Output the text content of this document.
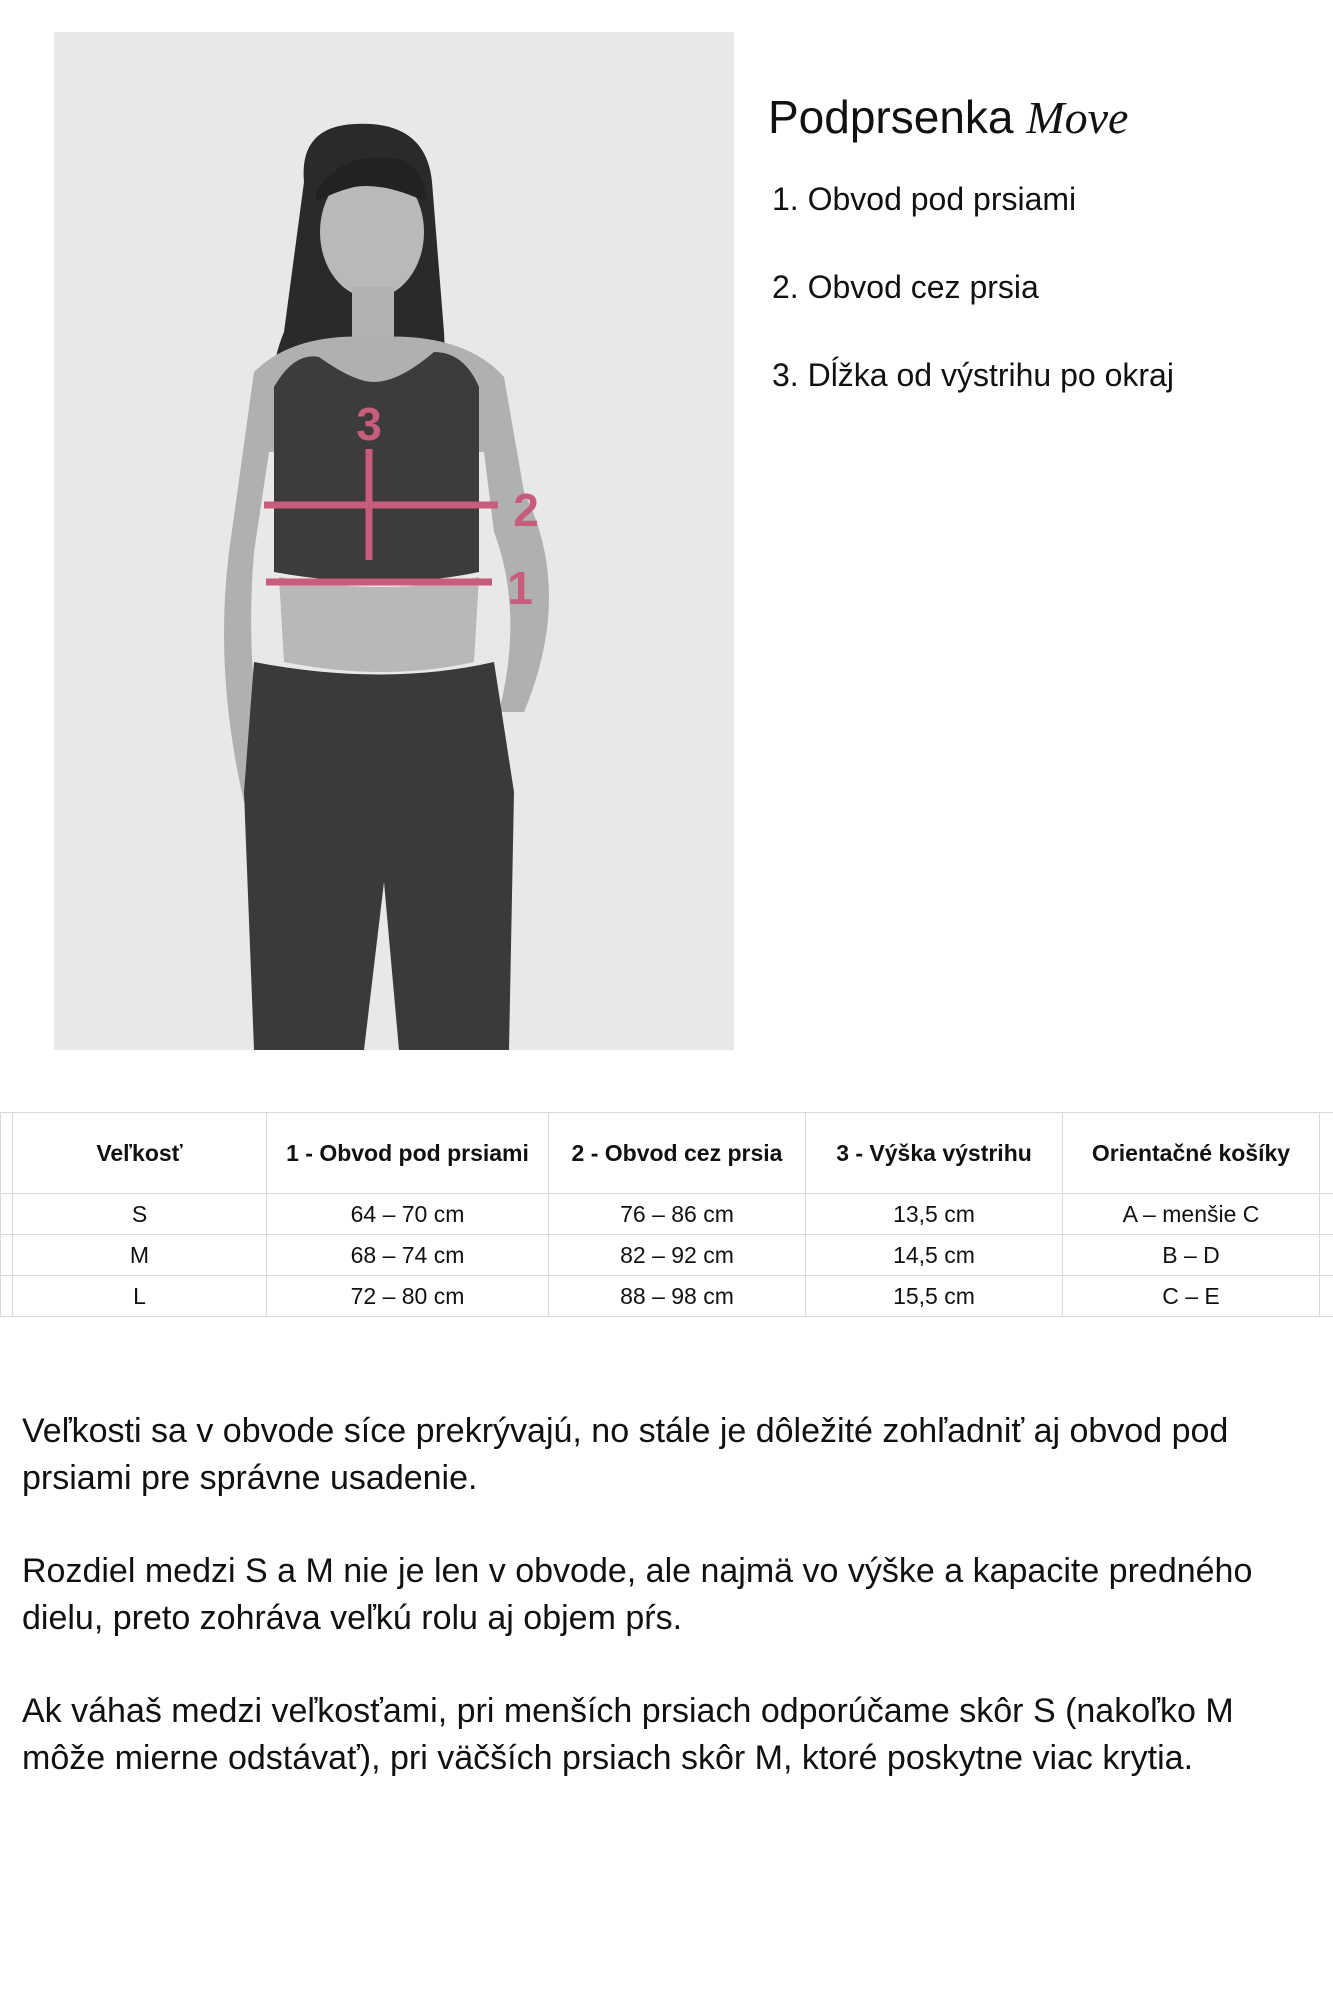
3
2
1
Podprsenka Move
1. Obvod pod prsiami
2. Obvod cez prsia
3. Dĺžka od výstrihu po okraj
	Veľkosť	1 - Obvod pod prsiami	2 - Obvod cez prsia	3 - Výška výstrihu	Orientačné košíky	
	S	64 – 70 cm	76 – 86 cm	13,5 cm	A – menšie C	
	M	68 – 74 cm	82 – 92 cm	14,5 cm	B – D	
	L	72 – 80 cm	88 – 98 cm	15,5 cm	C – E	

Veľkosti sa v obvode síce prekrývajú, no stále je dôležité zohľadniť aj obvod pod prsiami pre správne usadenie.

Rozdiel medzi S a M nie je len v obvode, ale najmä vo výške a kapacite predného dielu, preto zohráva veľkú rolu aj objem pŕs.

Ak váhaš medzi veľkosťami, pri menších prsiach odporúčame skôr S (nakoľko M môže mierne odstávať), pri väčších prsiach skôr M, ktoré poskytne viac krytia.
